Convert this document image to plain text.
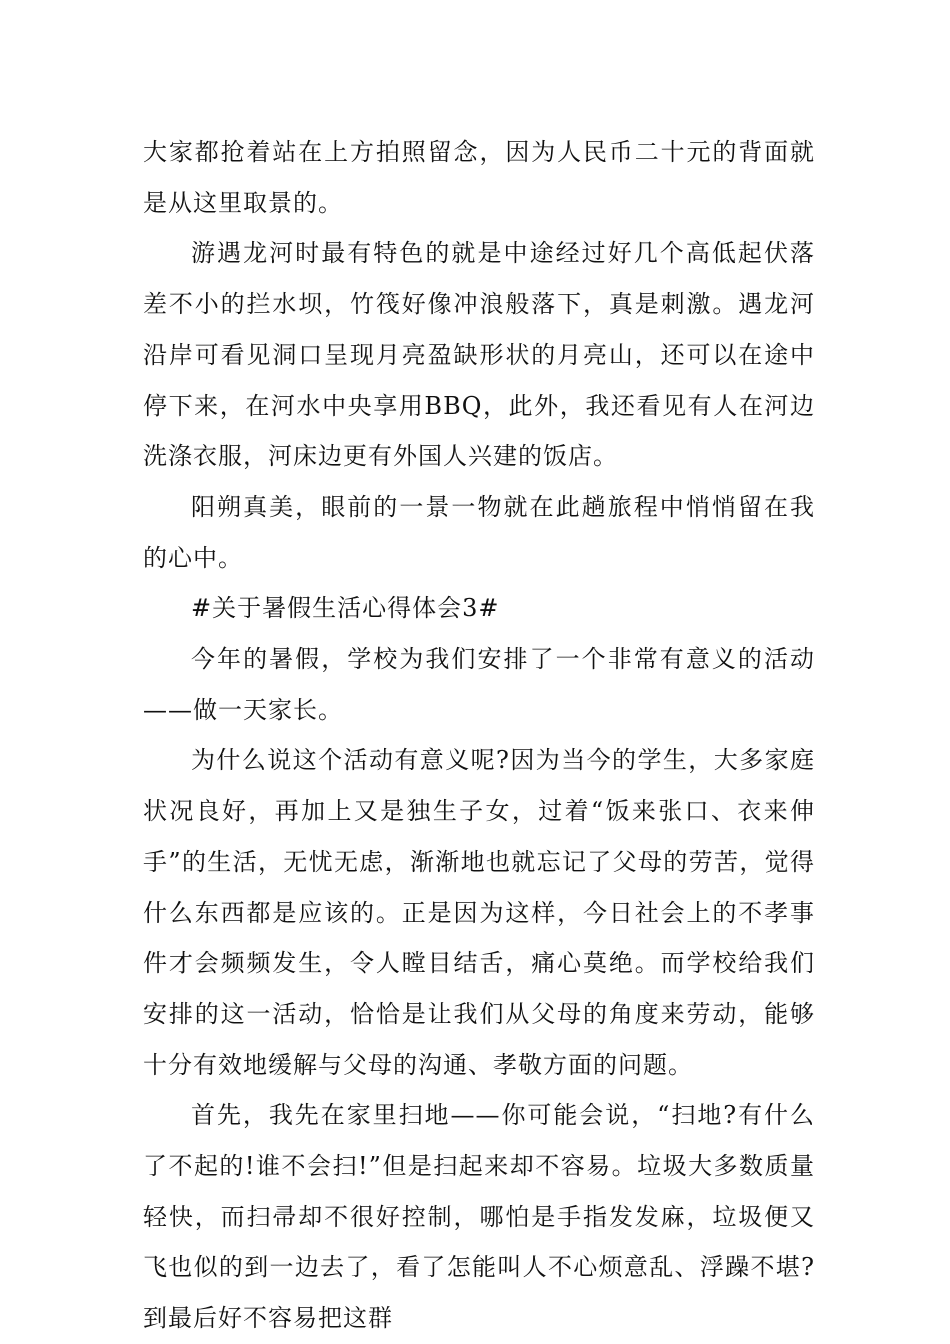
大家都抢着站在上方拍照留念，因为人民币二十元的背面就是从这里取景的。

游遇龙河时最有特色的就是中途经过好几个高低起伏落差不小的拦水坝，竹筏好像冲浪般落下，真是刺激。遇龙河沿岸可看见洞口呈现月亮盈缺形状的月亮山，还可以在途中停下来，在河水中央享用BBQ，此外，我还看见有人在河边洗涤衣服，河床边更有外国人兴建的饭店。

阳朔真美，眼前的一景一物就在此趟旅程中悄悄留在我的心中。

#关于暑假生活心得体会3#

今年的暑假，学校为我们安排了一个非常有意义的活动——做一天家长。

为什么说这个活动有意义呢?因为当今的学生，大多家庭状况良好，再加上又是独生子女，过着“饭来张口、衣来伸手”的生活，无忧无虑，渐渐地也就忘记了父母的劳苦，觉得什么东西都是应该的。正是因为这样，今日社会上的不孝事件才会频频发生，令人瞠目结舌，痛心莫绝。而学校给我们安排的这一活动，恰恰是让我们从父母的角度来劳动，能够十分有效地缓解与父母的沟通、孝敬方面的问题。

首先，我先在家里扫地——你可能会说，“扫地?有什么了不起的!谁不会扫!”但是扫起来却不容易。垃圾大多数质量轻快，而扫帚却不很好控制，哪怕是手指发发麻，垃圾便又飞也似的到一边去了，看了怎能叫人不心烦意乱、浮躁不堪?到最后好不容易把这群
